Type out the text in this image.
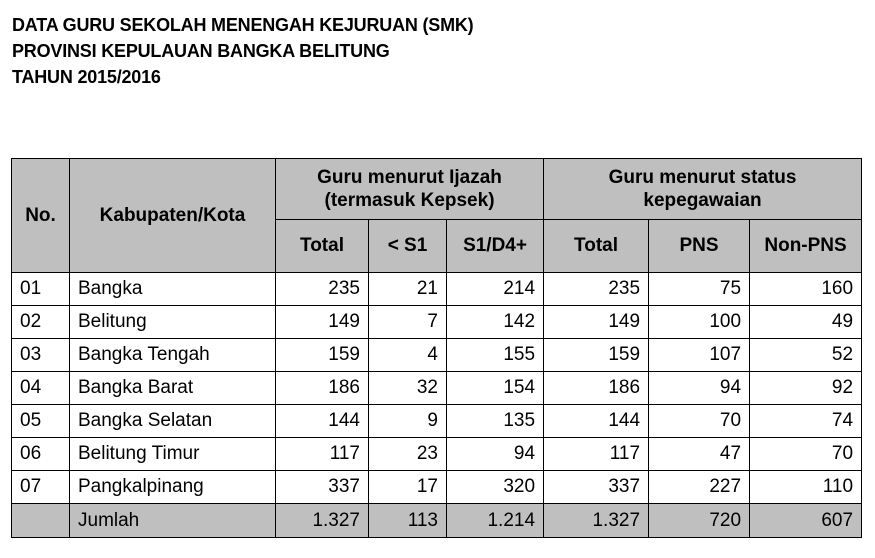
DATA GURU SEKOLAH MENENGAH KEJURUAN (SMK)
PROVINSI KEPULAUAN BANGKA BELITUNG
TAHUN 2015/2016
No.	Kabupaten/Kota	Guru menurut Ijazah (termasuk Kepsek)			Guru menurut status kepegawaian		
		Total	< S1	S1/D4+	Total	PNS	Non-PNS
01	Bangka	235	21	214	235	75	160
02	Belitung	149	7	142	149	100	49
03	Bangka Tengah	159	4	155	159	107	52
04	Bangka Barat	186	32	154	186	94	92
05	Bangka Selatan	144	9	135	144	70	74
06	Belitung Timur	117	23	94	117	47	70
07	Pangkalpinang	337	17	320	337	227	110
	Jumlah	1.327	113	1.214	1.327	720	607
